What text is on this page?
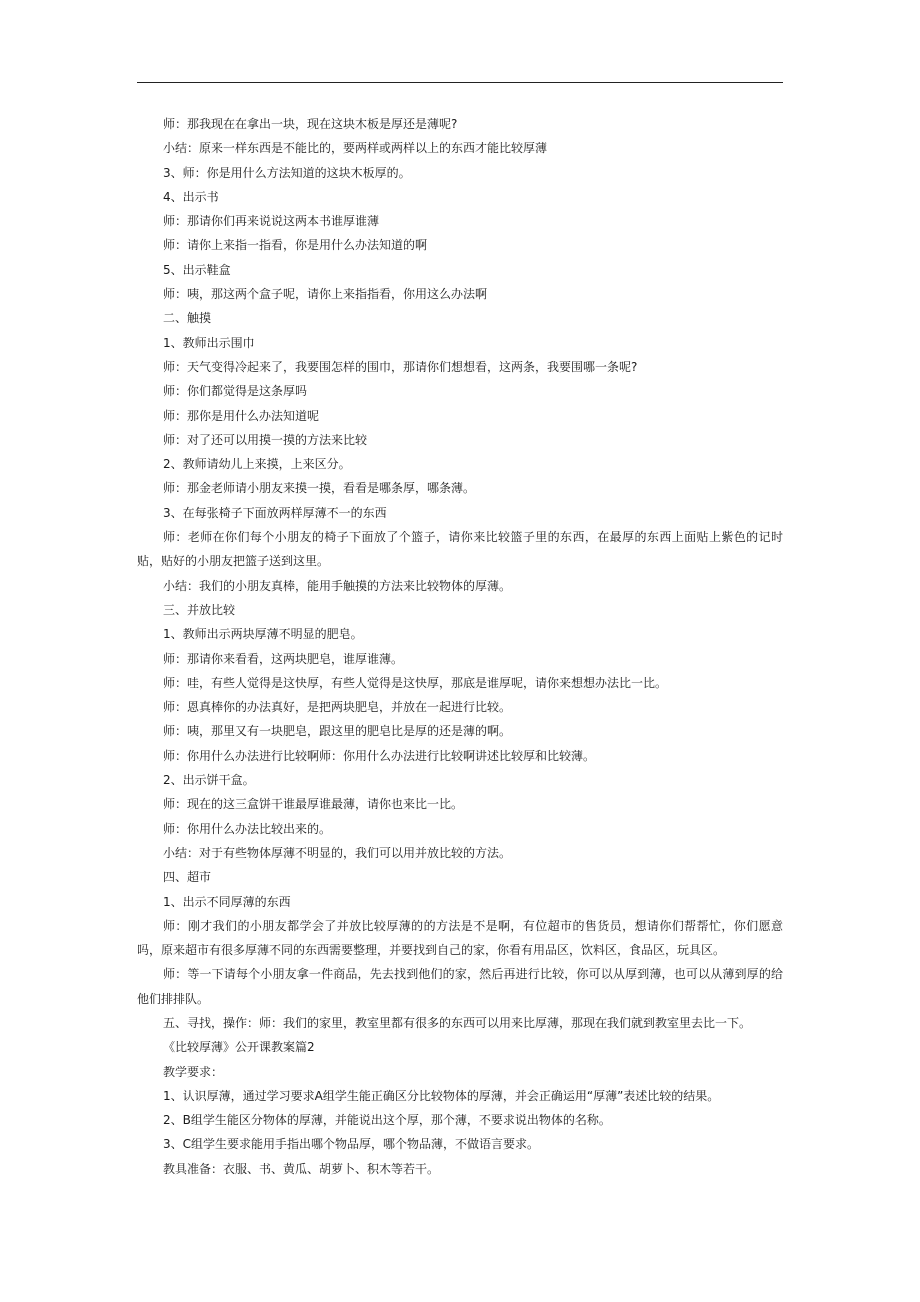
师：那我现在在拿出一块，现在这块木板是厚还是薄呢?
小结：原来一样东西是不能比的，要两样或两样以上的东西才能比较厚薄
3、师：你是用什么方法知道的这块木板厚的。
4、出示书
师：那请你们再来说说这两本书谁厚谁薄
师：请你上来指一指看，你是用什么办法知道的啊
5、出示鞋盒
师：咦，那这两个盒子呢，请你上来指指看，你用这么办法啊
二、触摸
1、教师出示围巾
师：天气变得冷起来了，我要围怎样的围巾，那请你们想想看，这两条，我要围哪一条呢?
师：你们都觉得是这条厚吗
师：那你是用什么办法知道呢
师：对了还可以用摸一摸的方法来比较
2、教师请幼儿上来摸，上来区分。
师：那金老师请小朋友来摸一摸，看看是哪条厚，哪条薄。
3、在每张椅子下面放两样厚薄不一的东西
师：老师在你们每个小朋友的椅子下面放了个篮子，请你来比较篮子里的东西，在最厚的东西上面贴上紫色的记时贴，贴好的小朋友把篮子送到这里。
小结：我们的小朋友真棒，能用手触摸的方法来比较物体的厚薄。
三、并放比较
1、教师出示两块厚薄不明显的肥皂。
师：那请你来看看，这两块肥皂，谁厚谁薄。
师：哇，有些人觉得是这快厚，有些人觉得是这快厚，那底是谁厚呢，请你来想想办法比一比。
师：恩真棒你的办法真好，是把两块肥皂，并放在一起进行比较。
师：咦，那里又有一块肥皂，跟这里的肥皂比是厚的还是薄的啊。
师：你用什么办法进行比较啊师：你用什么办法进行比较啊讲述比较厚和比较薄。
2、出示饼干盒。
师：现在的这三盒饼干谁最厚谁最薄，请你也来比一比。
师：你用什么办法比较出来的。
小结：对于有些物体厚薄不明显的，我们可以用并放比较的方法。
四、超市
1、出示不同厚薄的东西
师：刚才我们的小朋友都学会了并放比较厚薄的的方法是不是啊，有位超市的售货员，想请你们帮帮忙，你们愿意吗，原来超市有很多厚薄不同的东西需要整理，并要找到自己的家，你看有用品区，饮料区，食品区，玩具区。
师：等一下请每个小朋友拿一件商品，先去找到他们的家，然后再进行比较，你可以从厚到薄，也可以从薄到厚的给他们排排队。
五、寻找，操作：师：我们的家里，教室里都有很多的东西可以用来比厚薄，那现在我们就到教室里去比一下。
《比较厚薄》公开课教案篇2
教学要求：
1、认识厚薄，通过学习要求A组学生能正确区分比较物体的厚薄，并会正确运用“厚薄”表述比较的结果。
2、B组学生能区分物体的厚薄，并能说出这个厚，那个薄，不要求说出物体的名称。
3、C组学生要求能用手指出哪个物品厚，哪个物品薄，不做语言要求。
教具准备：衣服、书、黄瓜、胡萝卜、积木等若干。
